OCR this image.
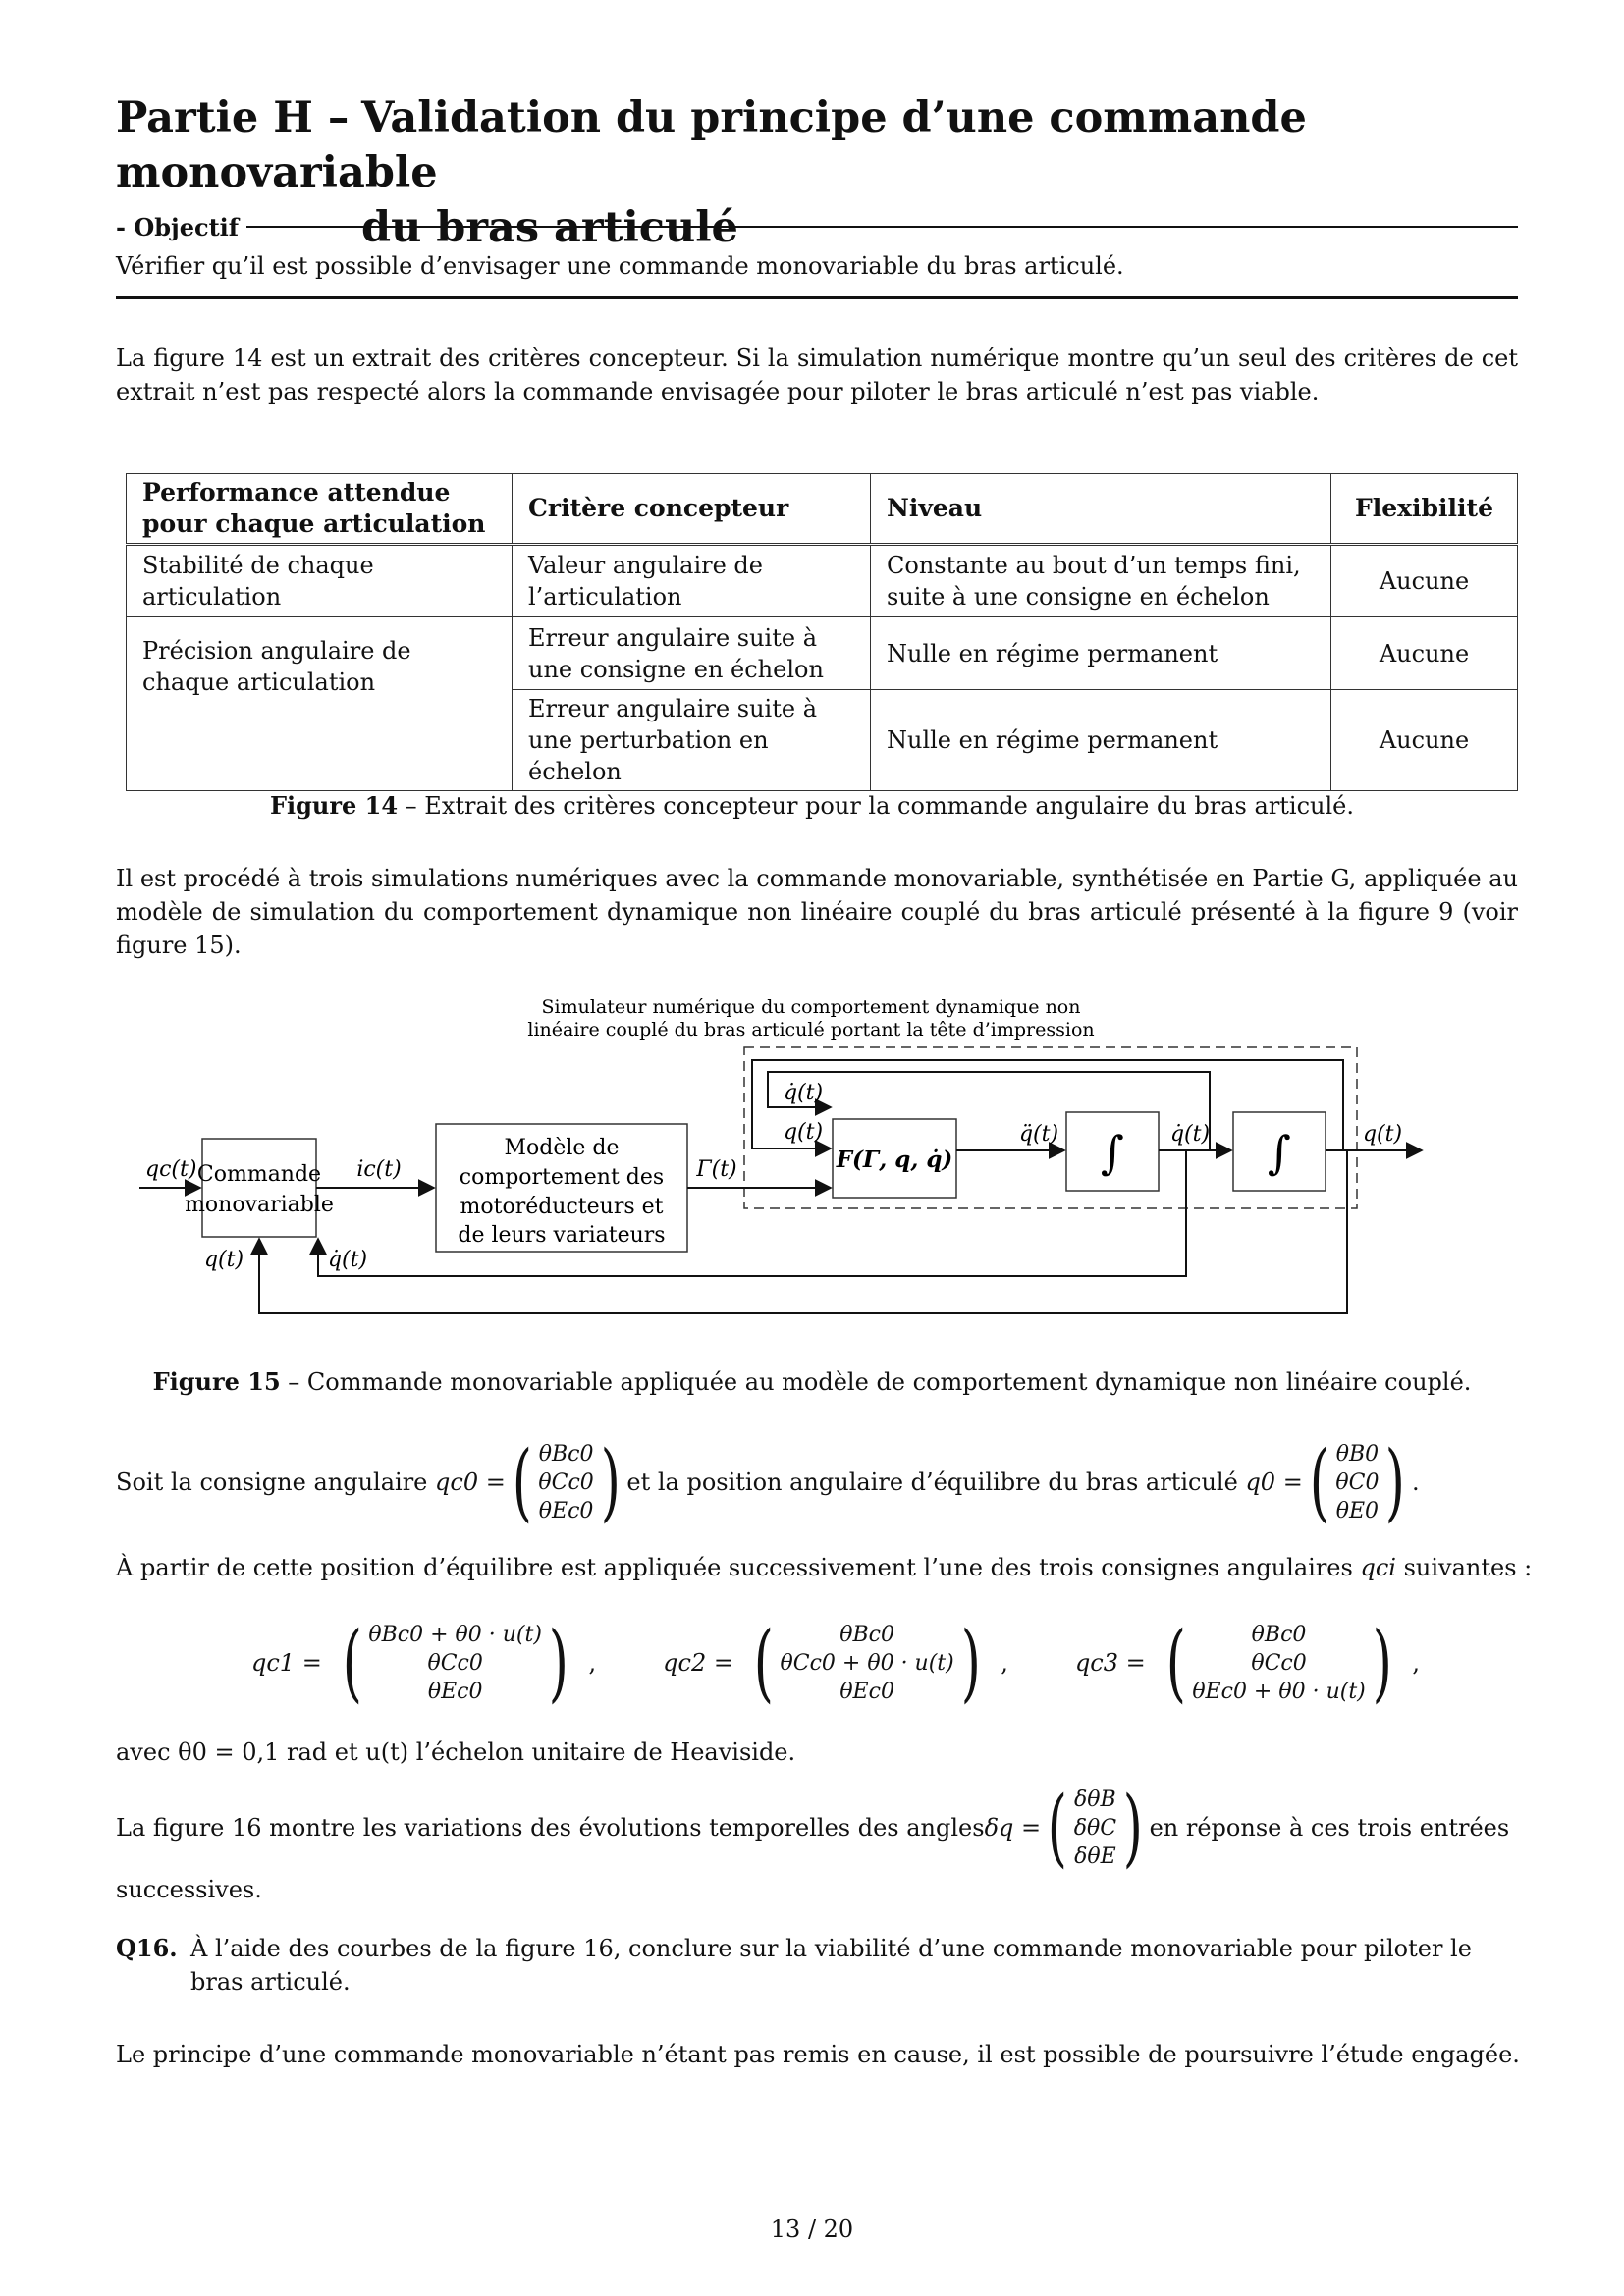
Partie H – Validation du principe d’une commande monovariable
du bras articulé
- Objectif
Vérifier qu’il est possible d’envisager une commande monovariable du bras articulé.
La figure 14 est un extrait des critères concepteur. Si la simulation numérique montre qu’un seul des critères de cet extrait n’est pas respecté alors la commande envisagée pour piloter le bras articulé n’est pas viable.
Performance attendue pour chaque articulation	Critère concepteur	Niveau	Flexibilité
Stabilité de chaque articulation	Valeur angulaire de l’articulation	Constante au bout d’un temps fini, suite à une consigne en échelon	Aucune
Précision angulaire de chaque articulation	Erreur angulaire suite à une consigne en échelon	Nulle en régime permanent	Aucune
	Erreur angulaire suite à une perturbation en échelon	Nulle en régime permanent	Aucune
Figure 14 – Extrait des critères concepteur pour la commande angulaire du bras articulé.
Il est procédé à trois simulations numériques avec la commande monovariable, synthétisée en Partie G, appliquée au modèle de simulation du comportement dynamique non linéaire couplé du bras articulé présenté à la figure 9 (voir figure 15).
Simulateur numérique du comportement dynamique non
linéaire couplé du bras articulé portant la tête d’impression
Commande
monovariable
Modèle de
comportement des
motoréducteurs et
de leurs variateurs
F(Γ, q, q̇)	∫	∫
qc(t)	ic(t)	Γ(t)
q̈(t)	q̇(t)	q(t)
q(t)
q̇(t)
q̇(t)
q(t)
Figure 15 – Commande monovariable appliquée au modèle de comportement dynamique non linéaire couplé.
Soit la consigne angulaire
qc0 = ( θBc0
θCc0
θEc0 ) et la position angulaire d’équilibre du bras articulé
q0 = ( θB0
θC0
θE0 ) .
À partir de cette position d’équilibre est appliquée successivement l’une des trois consignes angulaires qci suivantes :
qc1 = ( θBc0 + θ0 · u(t)
θCc0
θEc0 ) ,	qc2 = (	θBc0
θCc0 + θ0 · u(t)
θEc0 ) ,	qc3 = (	θBc0
θCc0
θEc0 + θ0 · u(t) ) ,
avec θ0 = 0,1 rad et u(t) l’échelon unitaire de Heaviside.
La figure 16 montre les variations des évolutions temporelles des angles δq = ( δθB
δθC
δθE ) en réponse à ces trois entrées
successives.
Q16. À l’aide des courbes de la figure 16, conclure sur la viabilité d’une commande monovariable pour piloter le bras articulé.
Le principe d’une commande monovariable n’étant pas remis en cause, il est possible de poursuivre l’étude engagée.
13 / 20
